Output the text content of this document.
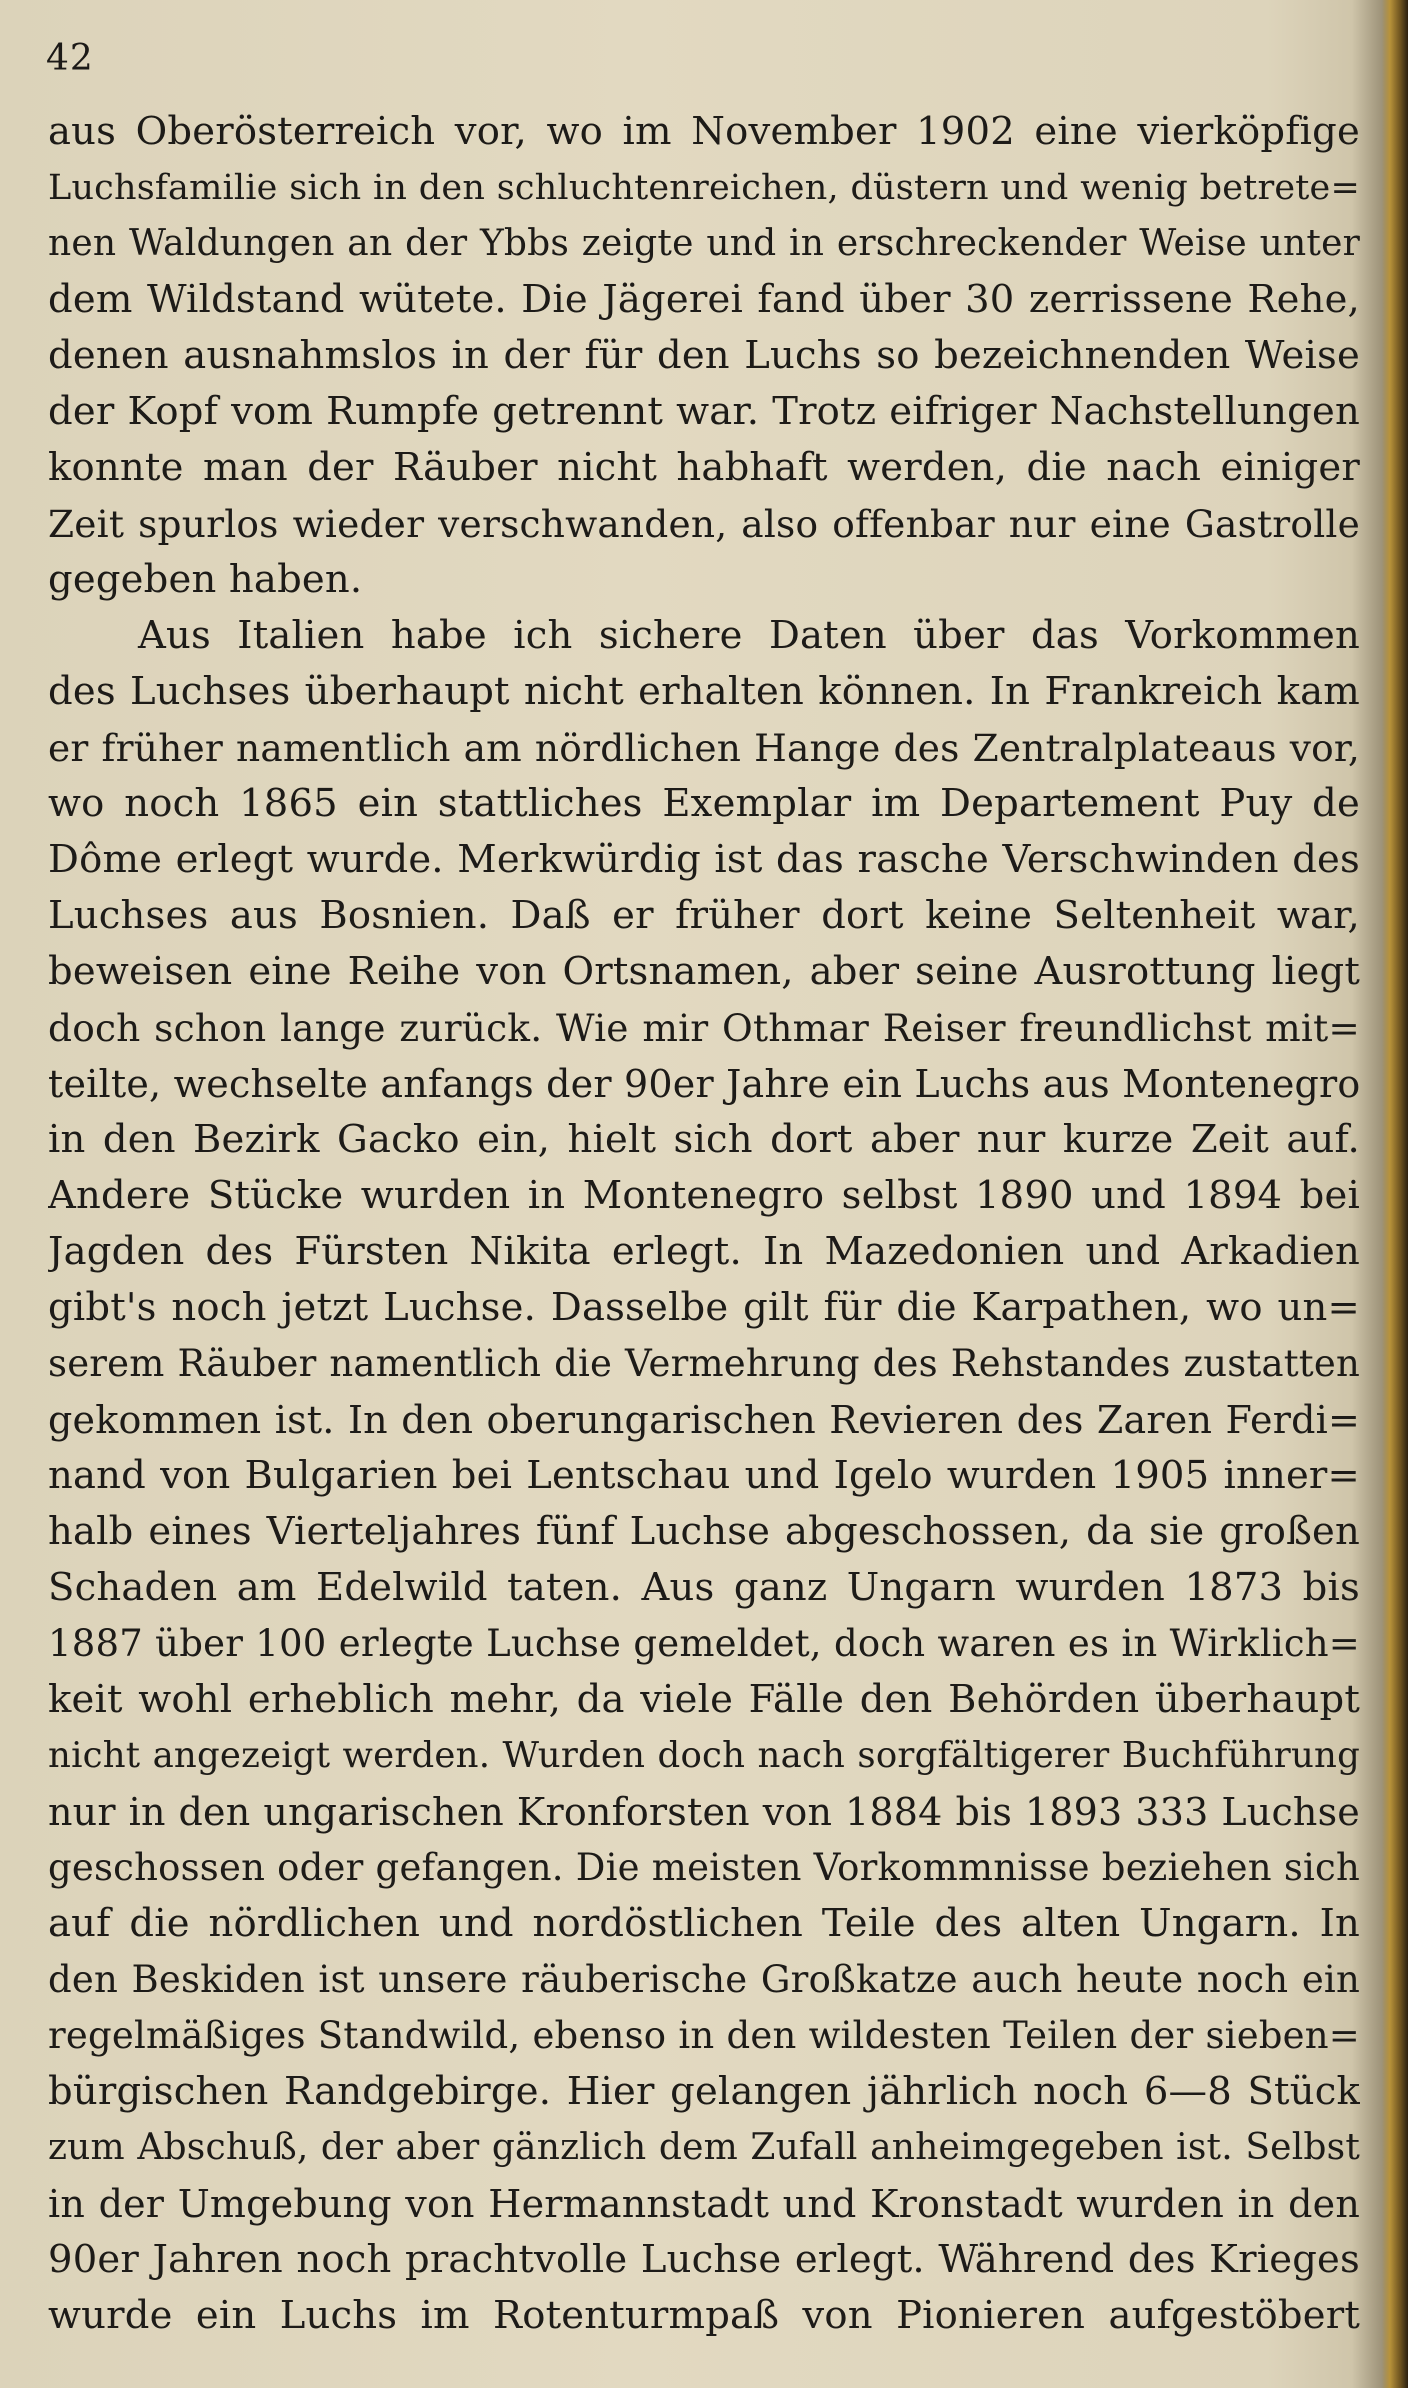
42
aus Oberösterreich vor, wo im November 1902 eine vierköpfige
Luchsfamilie sich in den schluchtenreichen, düstern und wenig betrete=
nen Waldungen an der Ybbs zeigte und in erschreckender Weise unter
dem Wildstand wütete. Die Jägerei fand über 30 zerrissene Rehe,
denen ausnahmslos in der für den Luchs so bezeichnenden Weise
der Kopf vom Rumpfe getrennt war. Trotz eifriger Nachstellungen
konnte man der Räuber nicht habhaft werden, die nach einiger
Zeit spurlos wieder verschwanden, also offenbar nur eine Gastrolle
gegeben haben.
Aus Italien habe ich sichere Daten über das Vorkommen
des Luchses überhaupt nicht erhalten können. In Frankreich kam
er früher namentlich am nördlichen Hange des Zentralplateaus vor,
wo noch 1865 ein stattliches Exemplar im Departement Puy de
Dôme erlegt wurde. Merkwürdig ist das rasche Verschwinden des
Luchses aus Bosnien. Daß er früher dort keine Seltenheit war,
beweisen eine Reihe von Ortsnamen, aber seine Ausrottung liegt
doch schon lange zurück. Wie mir Othmar Reiser freundlichst mit=
teilte, wechselte anfangs der 90er Jahre ein Luchs aus Montenegro
in den Bezirk Gacko ein, hielt sich dort aber nur kurze Zeit auf.
Andere Stücke wurden in Montenegro selbst 1890 und 1894 bei
Jagden des Fürsten Nikita erlegt. In Mazedonien und Arkadien
gibt's noch jetzt Luchse. Dasselbe gilt für die Karpathen, wo un=
serem Räuber namentlich die Vermehrung des Rehstandes zustatten
gekommen ist. In den oberungarischen Revieren des Zaren Ferdi=
nand von Bulgarien bei Lentschau und Igelo wurden 1905 inner=
halb eines Vierteljahres fünf Luchse abgeschossen, da sie großen
Schaden am Edelwild taten. Aus ganz Ungarn wurden 1873 bis
1887 über 100 erlegte Luchse gemeldet, doch waren es in Wirklich=
keit wohl erheblich mehr, da viele Fälle den Behörden überhaupt
nicht angezeigt werden. Wurden doch nach sorgfältigerer Buchführung
nur in den ungarischen Kronforsten von 1884 bis 1893 333 Luchse
geschossen oder gefangen. Die meisten Vorkommnisse beziehen sich
auf die nördlichen und nordöstlichen Teile des alten Ungarn. In
den Beskiden ist unsere räuberische Großkatze auch heute noch ein
regelmäßiges Standwild, ebenso in den wildesten Teilen der sieben=
bürgischen Randgebirge. Hier gelangen jährlich noch 6—8 Stück
zum Abschuß, der aber gänzlich dem Zufall anheimgegeben ist. Selbst
in der Umgebung von Hermannstadt und Kronstadt wurden in den
90er Jahren noch prachtvolle Luchse erlegt. Während des Krieges
wurde ein Luchs im Rotenturmpaß von Pionieren aufgestöbert
